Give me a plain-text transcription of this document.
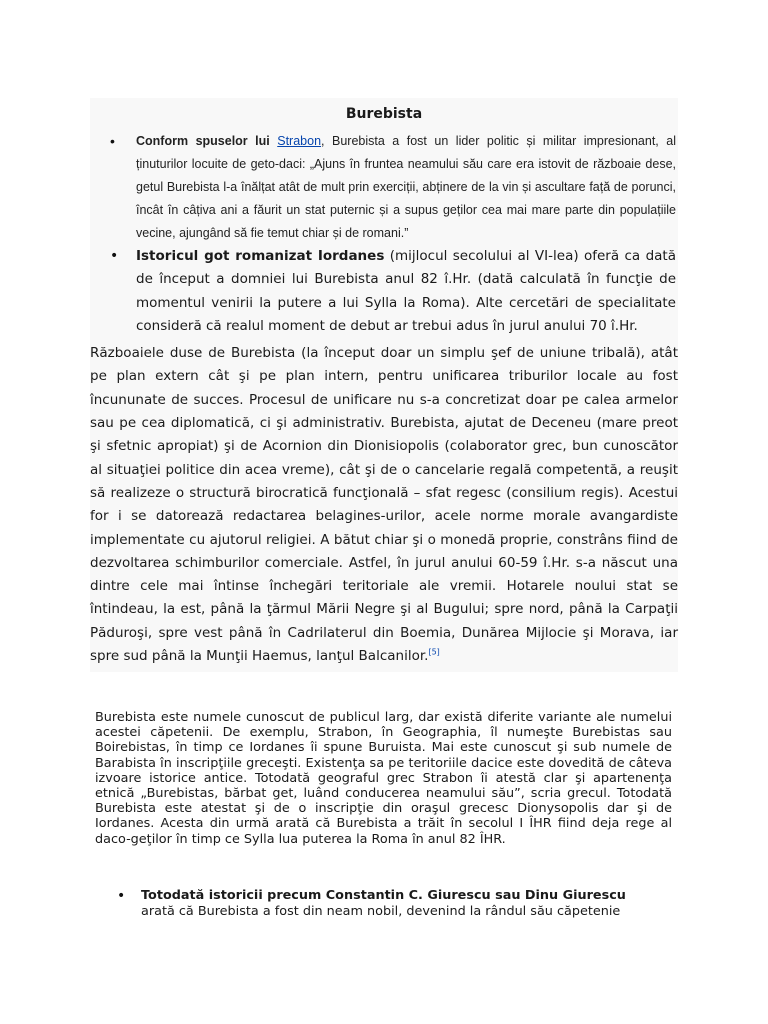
Burebista
• Conform spuselor lui Strabon, Burebista a fost un lider politic și militar impresionant, al ținuturilor locuite de geto-daci: „Ajuns în fruntea neamului său care era istovit de războaie dese, getul Burebista l-a înălțat atât de mult prin exerciții, abținere de la vin și ascultare față de porunci, încât în câțiva ani a făurit un stat puternic și a supus geților cea mai mare parte din populațiile vecine, ajungând să fie temut chiar și de romani.”
• Istoricul got romanizat Iordanes (mijlocul secolului al VI-lea) oferă ca dată de început a domniei lui Burebista anul 82 î.Hr. (dată calculată în funcţie de momentul venirii la putere a lui Sylla la Roma). Alte cercetări de specialitate consideră că realul moment de debut ar trebui adus în jurul anului 70 î.Hr.
Războaiele duse de Burebista (la început doar un simplu şef de uniune tribală), atât pe plan extern cât şi pe plan intern, pentru unificarea triburilor locale au fost încununate de succes. Procesul de unificare nu s-a concretizat doar pe calea armelor sau pe cea diplomatică, ci şi administrativ. Burebista, ajutat de Deceneu (mare preot şi sfetnic apropiat) şi de Acornion din Dionisiopolis (colaborator grec, bun cunoscător al situaţiei politice din acea vreme), cât şi de o cancelarie regală competentă, a reuşit să realizeze o structură birocratică funcţională – sfat regesc (consilium regis). Acestui for i se datorează redactarea belagines-urilor, acele norme morale avangardiste implementate cu ajutorul religiei. A bătut chiar şi o monedă proprie, constrâns fiind de dezvoltarea schimburilor comerciale. Astfel, în jurul anului 60-59 î.Hr. s-a născut una dintre cele mai întinse închegări teritoriale ale vremii. Hotarele noului stat se întindeau, la est, până la ţărmul Mării Negre şi al Bugului; spre nord, până la Carpaţii Păduroşi, spre vest până în Cadrilaterul din Boemia, Dunărea Mijlocie şi Morava, iar spre sud până la Munţii Haemus, lanţul Balcanilor.[5]
Burebista este numele cunoscut de publicul larg, dar există diferite variante ale numelui acestei căpetenii. De exemplu, Strabon, în Geographia, îl numeşte Burebistas sau Boirebistas, în timp ce Iordanes îi spune Buruista. Mai este cunoscut şi sub numele de Barabista în inscripţiile greceşti. Existenţa sa pe teritoriile dacice este dovedită de câteva izvoare istorice antice. Totodată geograful grec Strabon îi atestă clar şi apartenenţa etnică „Burebistas, bărbat get, luând conducerea neamului său”, scria grecul. Totodată Burebista este atestat şi de o inscripţie din oraşul grecesc Dionysopolis dar şi de Iordanes. Acesta din urmă arată că Burebista a trăit în secolul I ÎHR fiind deja rege al daco-geţilor în timp ce Sylla lua puterea la Roma în anul 82 ÎHR.
• Totodată istoricii precum Constantin C. Giurescu sau Dinu Giurescu
arată că Burebista a fost din neam nobil, devenind la rândul său căpetenie
